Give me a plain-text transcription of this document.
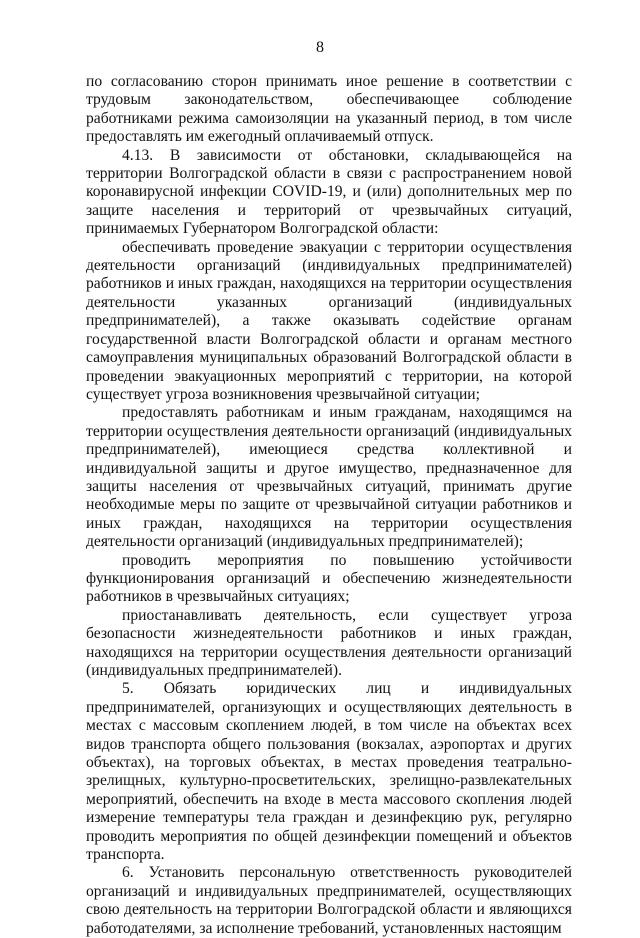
8

по согласованию сторон принимать иное решение в соответствии с трудовым законодательством, обеспечивающее соблюдение работниками режима самоизоляции на указанный период, в том числе предоставлять им ежегодный оплачиваемый отпуск.

4.13. В зависимости от обстановки, складывающейся на территории Волгоградской области в связи с распространением новой коронавирусной инфекции COVID-19, и (или) дополнительных мер по защите населения и территорий от чрезвычайных ситуаций, принимаемых Губернатором Волгоградской области:

обеспечивать проведение эвакуации с территории осуществления деятельности организаций (индивидуальных предпринимателей) работников и иных граждан, находящихся на территории осуществления деятельности указанных организаций (индивидуальных предпринимателей), а также оказывать содействие органам государственной власти Волгоградской области и органам местного самоуправления муниципальных образований Волгоградской области в проведении эвакуационных мероприятий с территории, на которой существует угроза возникновения чрезвычайной ситуации;

предоставлять работникам и иным гражданам, находящимся на территории осуществления деятельности организаций (индивидуальных предпринимателей), имеющиеся средства коллективной и индивидуальной защиты и другое имущество, предназначенное для защиты населения от чрезвычайных ситуаций, принимать другие необходимые меры по защите от чрезвычайной ситуации работников и иных граждан, находящихся на территории осуществления деятельности организаций (индивидуальных предпринимателей);

проводить мероприятия по повышению устойчивости функционирования организаций и обеспечению жизнедеятельности работников в чрезвычайных ситуациях;

приостанавливать деятельность, если существует угроза безопасности жизнедеятельности работников и иных граждан, находящихся на территории осуществления деятельности организаций (индивидуальных предпринимателей).

5. Обязать юридических лиц и индивидуальных предпринимателей, организующих и осуществляющих деятельность в местах с массовым скоплением людей, в том числе на объектах всех видов транспорта общего пользования (вокзалах, аэропортах и других объектах), на торговых объектах, в местах проведения театрально-зрелищных, культурно-просветительских, зрелищно-развлекательных мероприятий, обеспечить на входе в места массового скопления людей измерение температуры тела граждан и дезинфекцию рук, регулярно проводить мероприятия по общей дезинфекции помещений и объектов транспорта.

6. Установить персональную ответственность руководителей организаций и индивидуальных предпринимателей, осуществляющих свою деятельность на территории Волгоградской области и являющихся работодателями, за исполнение требований, установленных настоящим
